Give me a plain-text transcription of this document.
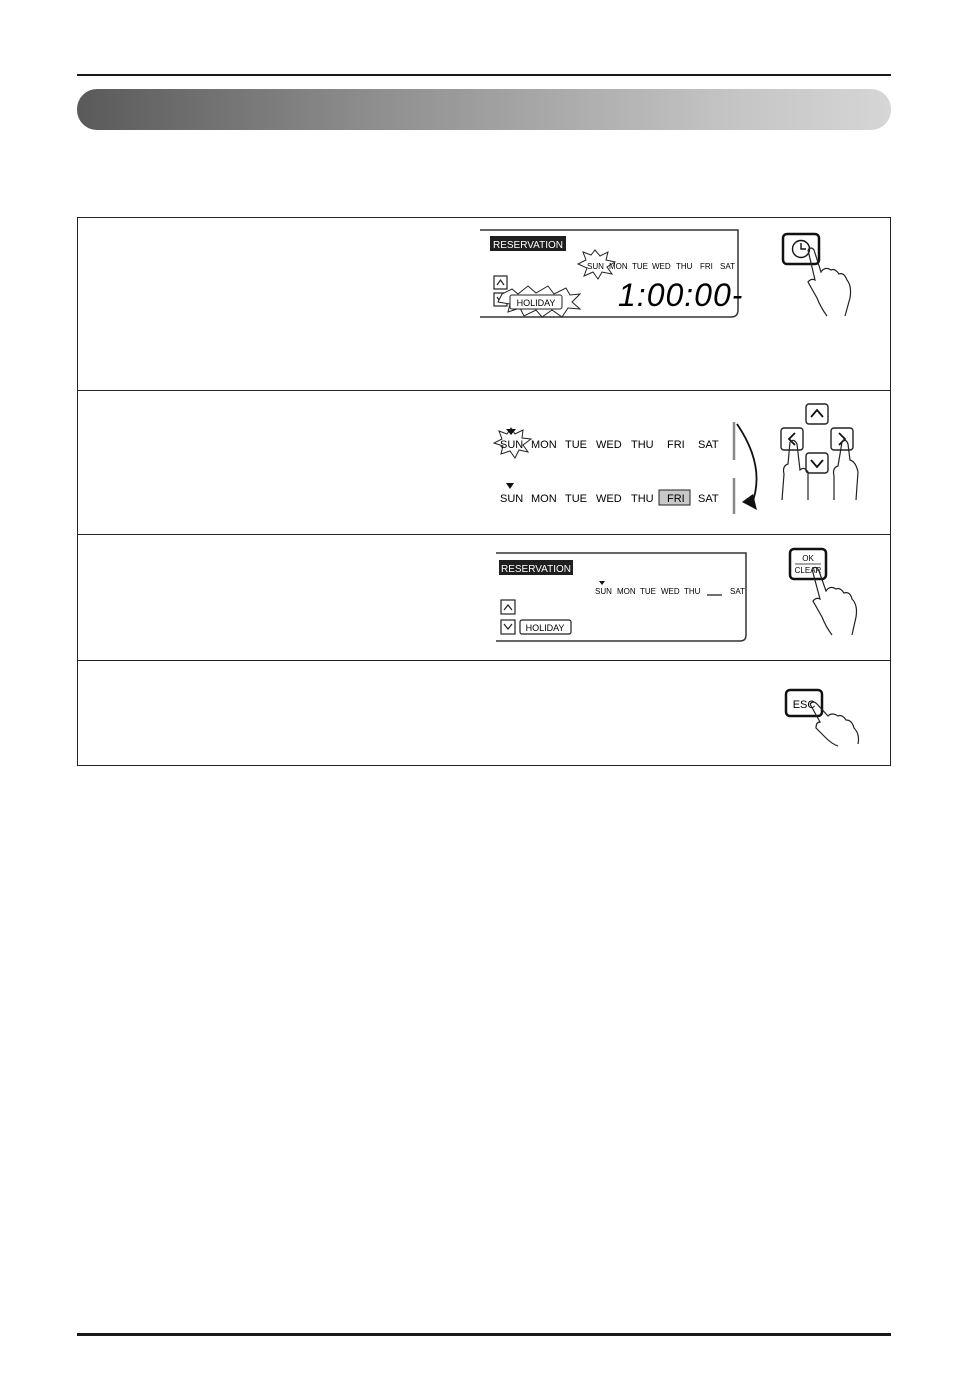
RESERVATION
SUN MON TUE WED THU FRI SAT
HOLIDAY 1:00:00-
SUN MON TUE WED THU FRI SAT
SUN MON TUE WED THU FRI SAT
RESERVATION
SUN MON TUE WED THU	SAT
HOLIDAY
OK
CLEAR
ESC
